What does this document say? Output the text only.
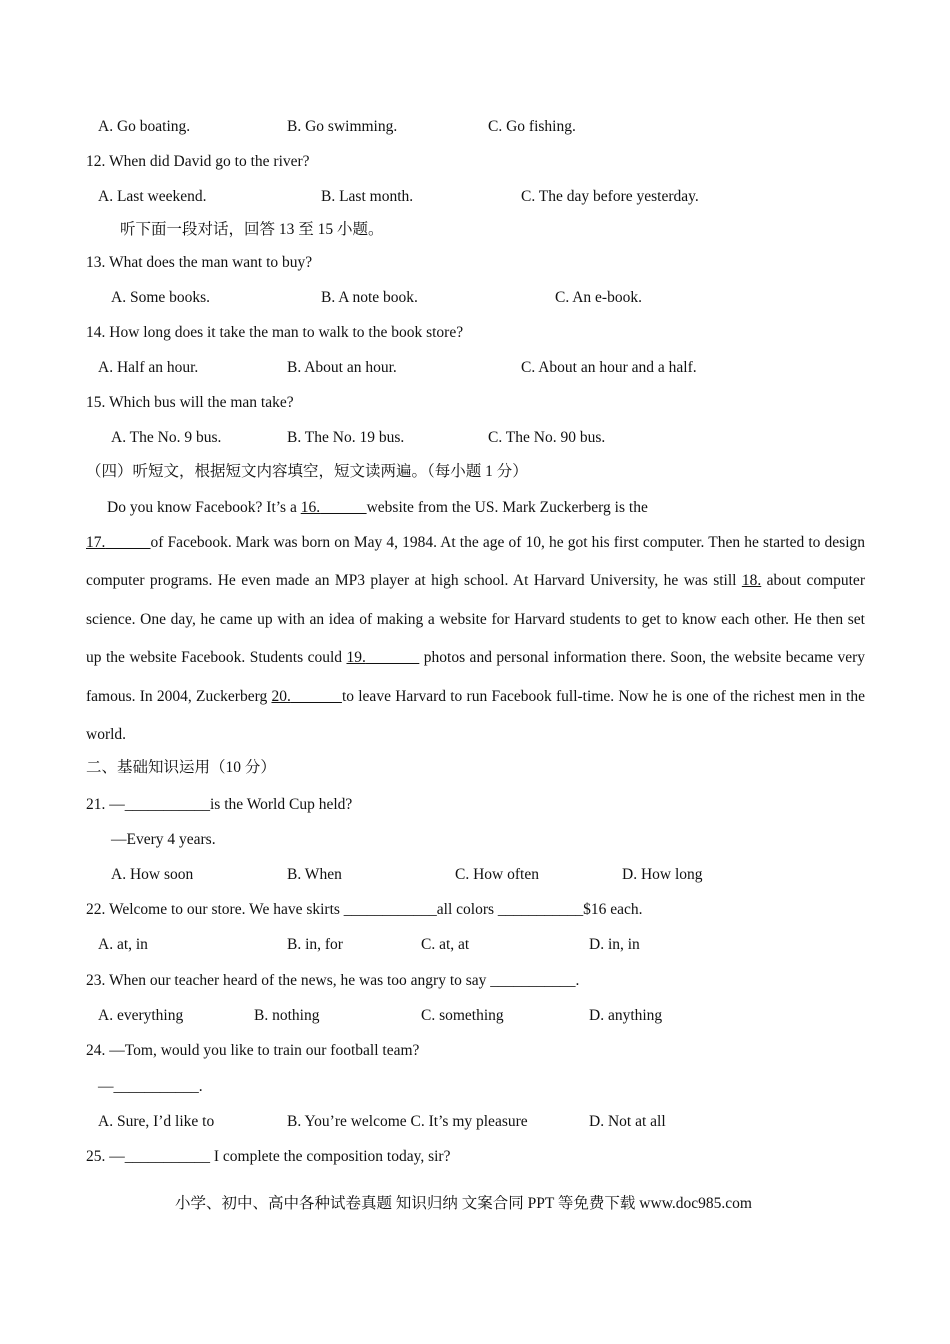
A. Go boating.	B. Go swimming.	C. Go fishing.
12. When did David go to the river?
A. Last weekend.	B. Last month.	C. The day before yesterday.
听下面一段对话，回答 13 至 15 小题。
13. What does the man want to buy?
A. Some books.	B. A note book.	C. An e-book.
14. How long does it take the man to walk to the book store?
A. Half an hour.	B. About an hour.	C. About an hour and a half.
15. Which bus will the man take?
A. The No. 9 bus.	B. The No. 19 bus.	C. The No. 90 bus.
（四）听短文，根据短文内容填空，短文读两遍。（每小题 1 分）
Do you know Facebook? It’s a 16.	website from the US. Mark Zuckerberg is the
17.	of Facebook. Mark was born on May 4, 1984. At the age of 10, he got his first computer. Then he started to design computer programs. He even made an MP3 player at high school. At Harvard University, he was still 18. about computer science. One day, he came up with an idea of making a website for Harvard students to get to know each other. He then set up the website Facebook. Students could 19.	photos and personal information there. Soon, the website became very famous. In 2004, Zuckerberg 20.	to leave Harvard to run Facebook full-time. Now he is one of the richest men in the world.
二、基础知识运用（10 分）
21. —___________is the World Cup held?
—Every 4 years.
A. How soon	B. When	C. How often	D. How long
22. Welcome to our store. We have skirts ____________all colors ___________$16 each.
A. at, in	B. in, for	C. at, at	D. in, in
23. When our teacher heard of the news, he was too angry to say ___________.
A. everything	B. nothing	C. something	D. anything
24. —Tom, would you like to train our football team?
—___________.
A. Sure, I’d like to	B. You’re welcome C. It’s my pleasure	D. Not at all
25. —___________ I complete the composition today, sir?
小学、初中、高中各种试卷真题 知识归纳 文案合同 PPT 等免费下载 www.doc985.com
